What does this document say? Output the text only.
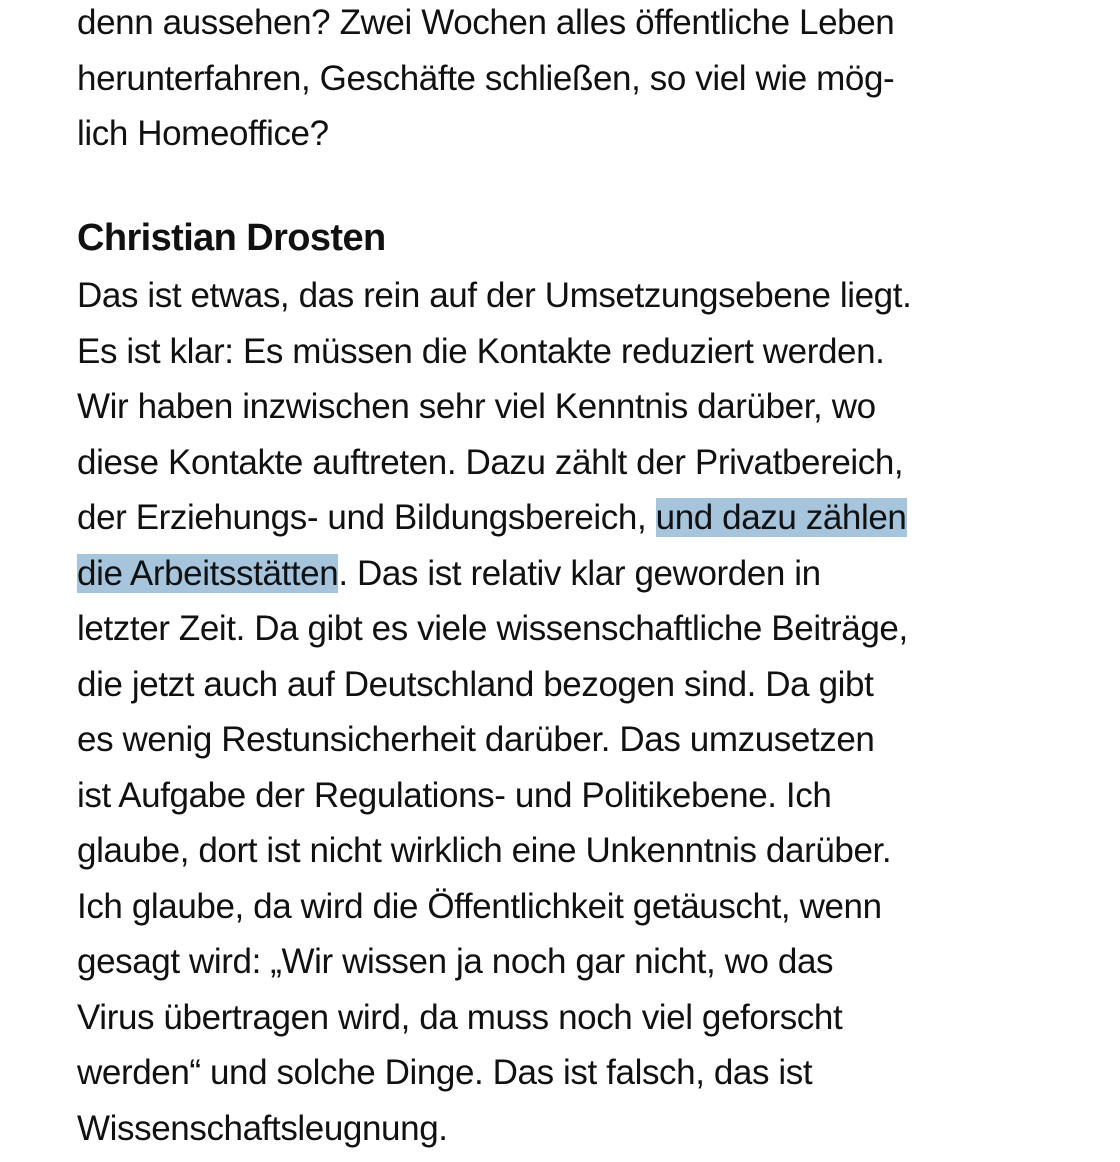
denn aussehen? Zwei Wochen alles öffentliche Leben
herunterfahren, Geschäfte schließen, so viel wie mög-
lich Homeoffice?
Christian Drosten
Das ist etwas, das rein auf der Umsetzungsebene liegt.
Es ist klar: Es müssen die Kontakte reduziert werden.
Wir haben inzwischen sehr viel Kenntnis darüber, wo
diese Kontakte auftreten. Dazu zählt der Privatbereich,
der Erziehungs- und Bildungsbereich, und dazu zählen
die Arbeitsstätten. Das ist relativ klar geworden in
letzter Zeit. Da gibt es viele wissenschaftliche Beiträge,
die jetzt auch auf Deutschland bezogen sind. Da gibt
es wenig Restunsicherheit darüber. Das umzusetzen
ist Aufgabe der Regulations- und Politikebene. Ich
glaube, dort ist nicht wirklich eine Unkenntnis darüber.
Ich glaube, da wird die Öffentlichkeit getäuscht, wenn
gesagt wird: „Wir wissen ja noch gar nicht, wo das
Virus übertragen wird, da muss noch viel geforscht
werden“ und solche Dinge. Das ist falsch, das ist
Wissenschaftsleugnung.
